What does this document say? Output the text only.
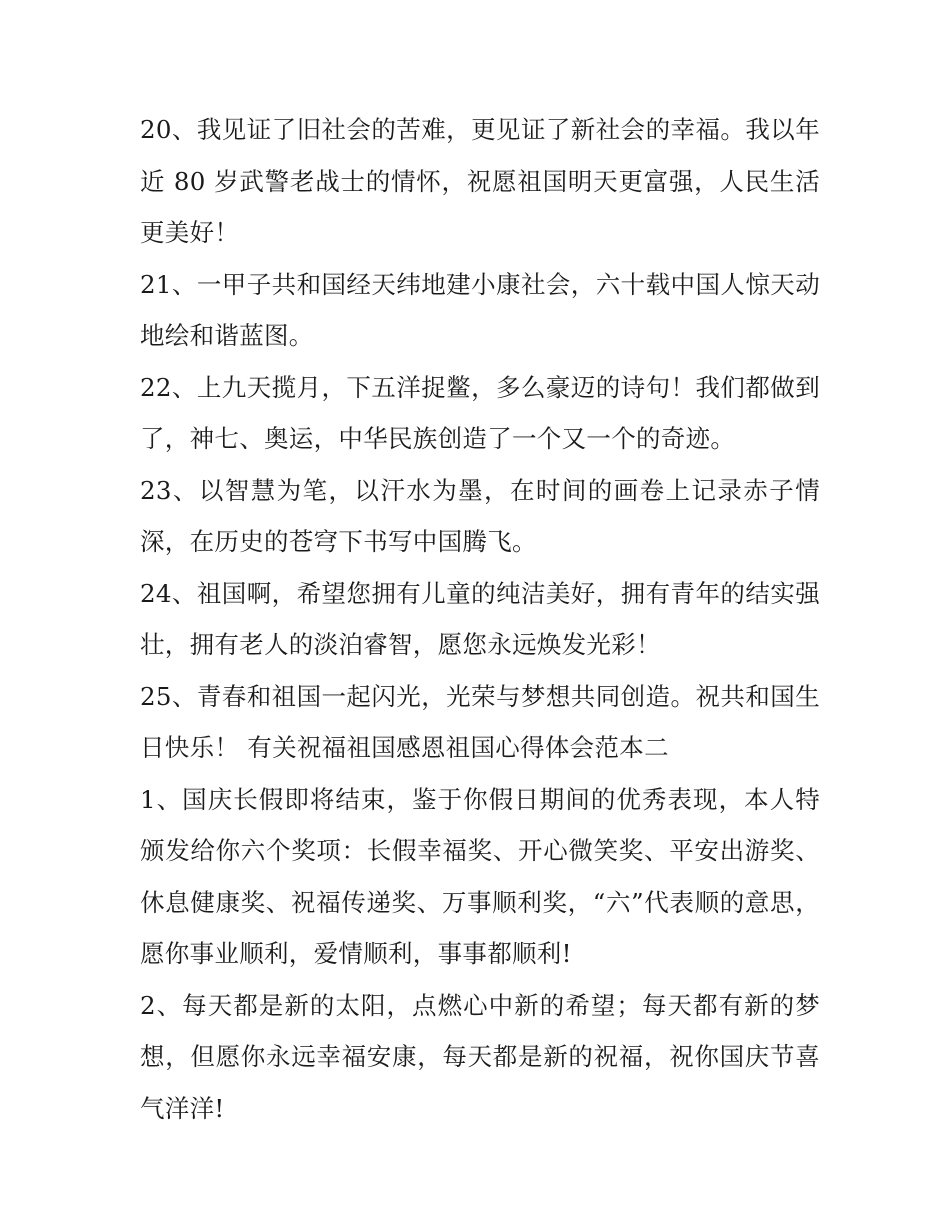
20、我见证了旧社会的苦难，更见证了新社会的幸福。我以年近 80 岁武警老战士的情怀，祝愿祖国明天更富强，人民生活更美好！

21、一甲子共和国经天纬地建小康社会，六十载中国人惊天动地绘和谐蓝图。

22、上九天揽月，下五洋捉鳖，多么豪迈的诗句！我们都做到了，神七、奥运，中华民族创造了一个又一个的奇迹。

23、以智慧为笔，以汗水为墨，在时间的画卷上记录赤子情深，在历史的苍穹下书写中国腾飞。

24、祖国啊，希望您拥有儿童的纯洁美好，拥有青年的结实强壮，拥有老人的淡泊睿智，愿您永远焕发光彩！

25、青春和祖国一起闪光，光荣与梦想共同创造。祝共和国生日快乐！ 有关祝福祖国感恩祖国心得体会范本二

1、国庆长假即将结束，鉴于你假日期间的优秀表现，本人特颁发给你六个奖项：长假幸福奖、开心微笑奖、平安出游奖、休息健康奖、祝福传递奖、万事顺利奖，“六”代表顺的意思，愿你事业顺利，爱情顺利，事事都顺利!

2、每天都是新的太阳，点燃心中新的希望；每天都有新的梦想，但愿你永远幸福安康，每天都是新的祝福，祝你国庆节喜气洋洋!
